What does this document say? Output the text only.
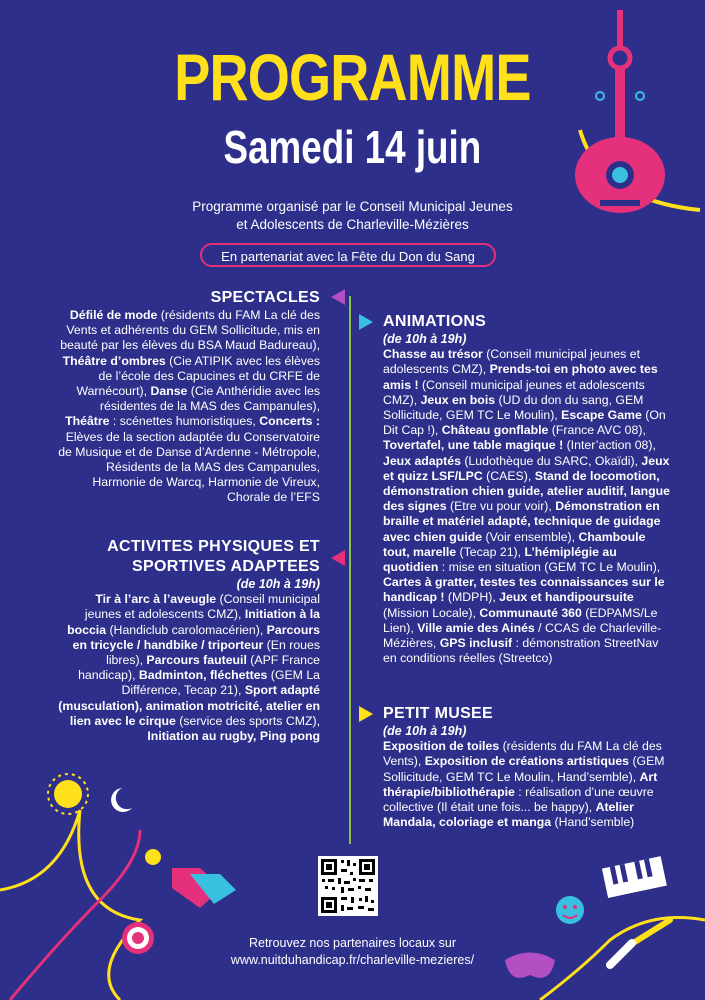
PROGRAMME
Samedi 14 juin
Programme organisé par le Conseil Municipal Jeunes
et Adolescents de Charleville-Mézières
En partenariat avec la Fête du Don du Sang
SPECTACLES
Défilé de mode (résidents du FAM La clé des Vents et adhérents du GEM Sollicitude, mis en beauté par les élèves du BSA Maud Badureau), Théâtre d’ombres (Cie ATIPIK avec les élèves de l’école des Capucines et du CRFE de Warnécourt), Danse (Cie Anthéridie avec les résidentes de la MAS des Campanules), Théâtre : scénettes humoristiques, Concerts : Elèves de la section adaptée du Conservatoire de Musique et de Danse d’Ardenne - Métropole, Résidents de la MAS des Campanules, Harmonie de Warcq, Harmonie de Vireux, Chorale de l’EFS
ACTIVITES PHYSIQUES ET
SPORTIVES ADAPTEES
(de 10h à 19h)
Tir à l’arc à l’aveugle (Conseil municipal jeunes et adolescents CMZ), Initiation à la boccia (Handiclub carolomacérien), Parcours en tricycle / handbike / triporteur (En roues libres), Parcours fauteuil (APF France handicap), Badminton, fléchettes (GEM La Différence, Tecap 21), Sport adapté (musculation), animation motricité, atelier en lien avec le cirque (service des sports CMZ), Initiation au rugby, Ping pong
ANIMATIONS
(de 10h à 19h)
Chasse au trésor (Conseil municipal jeunes et adolescents CMZ), Prends-toi en photo avec tes amis ! (Conseil municipal jeunes et adolescents CMZ), Jeux en bois (UD du don du sang, GEM Sollicitude, GEM TC Le Moulin), Escape Game (On Dit Cap !), Château gonflable (France AVC 08), Tovertafel, une table magique ! (Inter’action 08), Jeux adaptés (Ludothèque du SARC, Okaïdi), Jeux et quizz LSF/LPC (CAES), Stand de locomotion, démonstration chien guide, atelier auditif, langue des signes (Etre vu pour voir), Démonstration en braille et matériel adapté, technique de guidage avec chien guide (Voir ensemble), Chamboule tout, marelle (Tecap 21), L’hémiplégie au quotidien : mise en situation (GEM TC Le Moulin), Cartes à gratter, testes tes connaissances sur le handicap ! (MDPH), Jeux et handipoursuite (Mission Locale), Communauté 360 (EDPAMS/Le Lien), Ville amie des Ainés / CCAS de Charleville-Mézières, GPS inclusif : démonstration StreetNav en conditions réelles (Streetco)
PETIT MUSEE
(de 10h à 19h)
Exposition de toiles (résidents du FAM La clé des Vents), Exposition de créations artistiques (GEM Sollicitude, GEM TC Le Moulin, Hand’semble), Art thérapie/bibliothérapie : réalisation d’une œuvre collective (Il était une fois... be happy), Atelier Mandala, coloriage et manga (Hand’semble)
Retrouvez nos partenaires locaux sur
www.nuitduhandicap.fr/charleville-mezieres/
